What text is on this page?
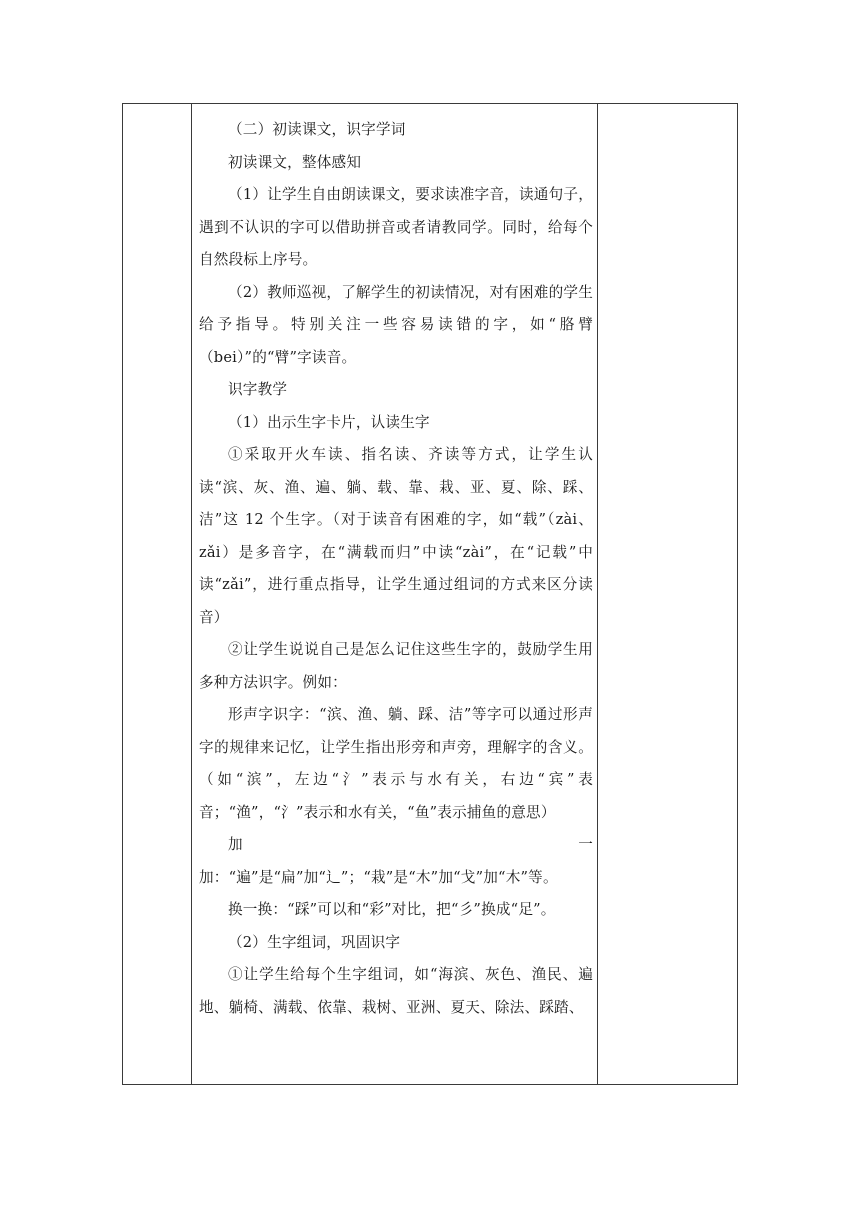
（二）初读课文，识字学词

初读课文，整体感知

（1）让学生自由朗读课文，要求读准字音，读通句子，遇到不认识的字可以借助拼音或者请教同学。同时，给每个自然段标上序号。

（2）教师巡视，了解学生的初读情况，对有困难的学生给予指导。特别关注一些容易读错的字，如“胳臂（bei）”的“臂”字读音。

识字教学

（1）出示生字卡片，认读生字

①采取开火车读、指名读、齐读等方式，让学生认读“滨、灰、渔、遍、躺、载、靠、栽、亚、夏、除、踩、洁”这 12 个生字。（对于读音有困难的字，如“载”（zài、zǎi）是多音字，在“满载而归”中读“zài”，在“记载”中读“zǎi”，进行重点指导，让学生通过组词的方式来区分读音）

②让学生说说自己是怎么记住这些生字的，鼓励学生用多种方法识字。例如：

形声字识字：“滨、渔、躺、踩、洁”等字可以通过形声字的规律来记忆，让学生指出形旁和声旁，理解字的含义。（如“滨”，左边“氵”表示与水有关，右边“宾”表音；“渔”，“氵”表示和水有关，“鱼”表示捕鱼的意思）

加一加：“遍”是“扁”加“辶”；“栽”是“木”加“戈”加“木”等。

换一换：“踩”可以和“彩”对比，把“彡”换成“足”。

（2）生字组词，巩固识字

①让学生给每个生字组词，如“海滨、灰色、渔民、遍地、躺椅、满载、依靠、栽树、亚洲、夏天、除法、踩踏、
